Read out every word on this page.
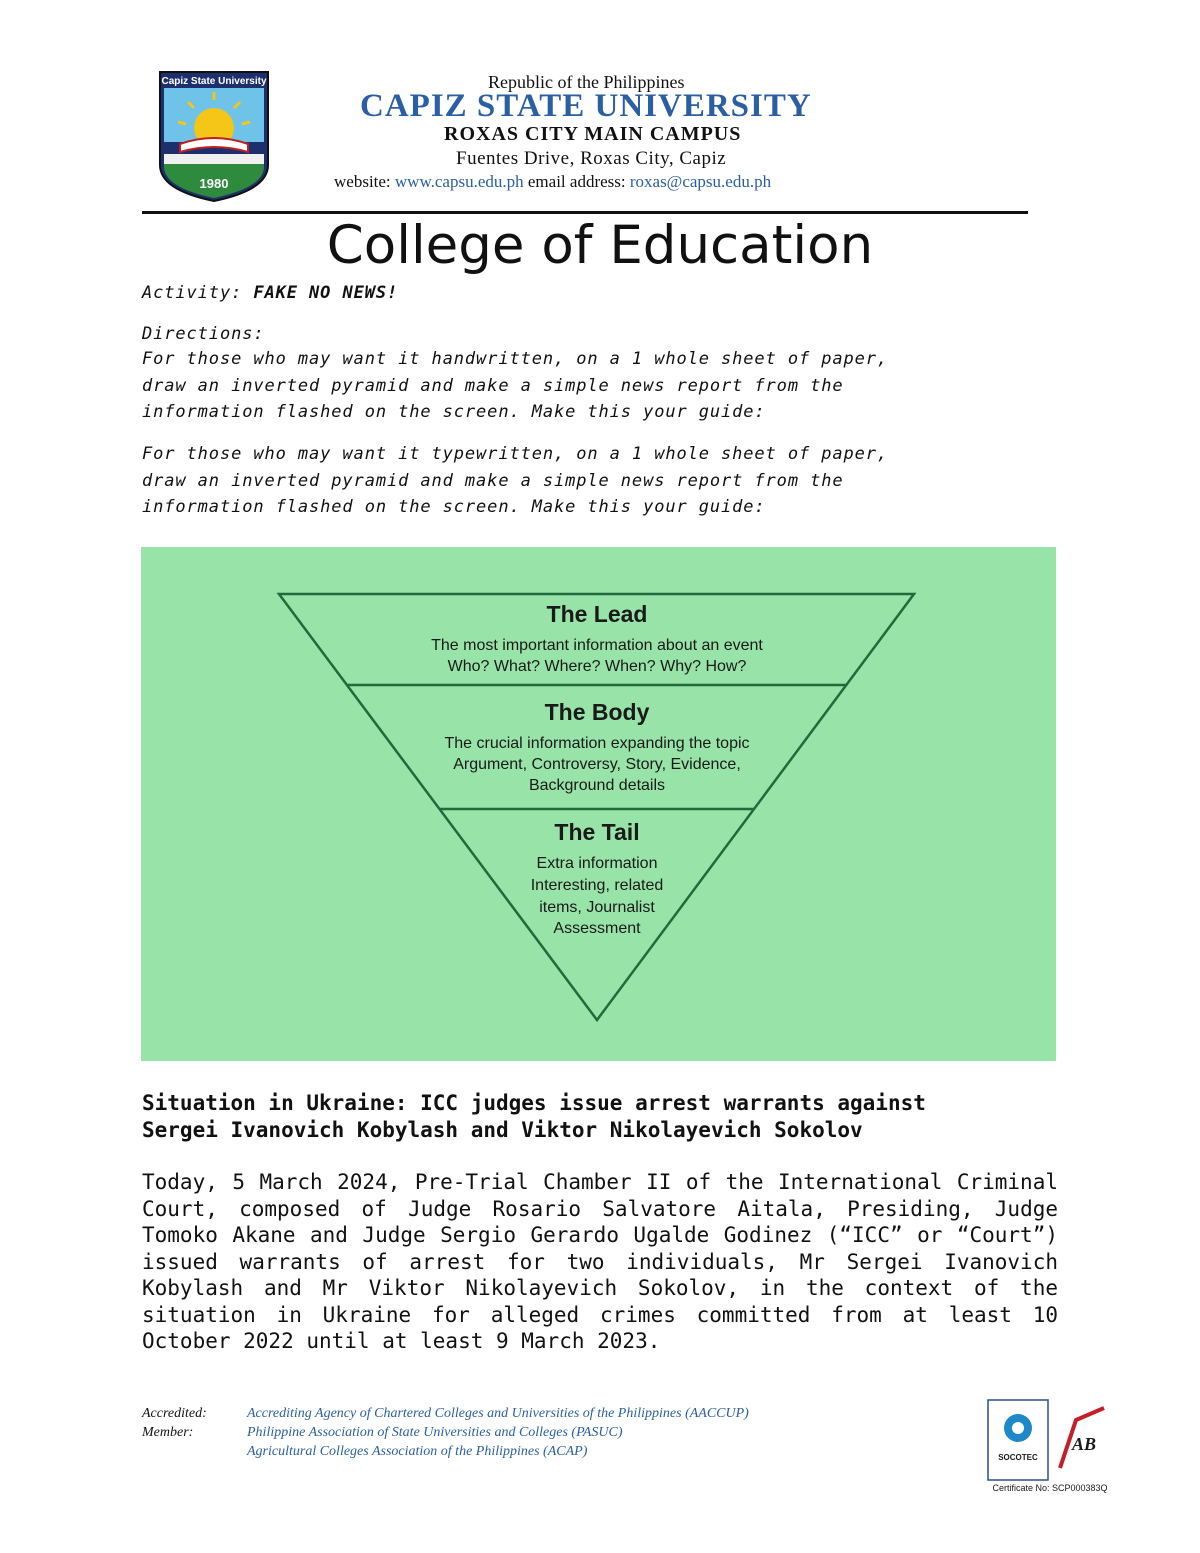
Capiz State University
1980
Republic of the Philippines
CAPIZ STATE UNIVERSITY
ROXAS CITY MAIN CAMPUS
Fuentes Drive, Roxas City, Capiz
website: www.capsu.edu.ph email address: roxas@capsu.edu.ph
College of Education
Activity: FAKE NO NEWS!
Directions:
For those who may want it handwritten, on a 1 whole sheet of paper,
draw an inverted pyramid and make a simple news report from the
information flashed on the screen. Make this your guide:
For those who may want it typewritten, on a 1 whole sheet of paper,
draw an inverted pyramid and make a simple news report from the
information flashed on the screen. Make this your guide:
The Lead
The most important information about an event
Who? What? Where? When? Why? How?
The Body
The crucial information expanding the topic
Argument, Controversy, Story, Evidence,
Background details
The Tail
Extra information
Interesting, related
items, Journalist
Assessment
Situation in Ukraine: ICC judges issue arrest warrants against
Sergei Ivanovich Kobylash and Viktor Nikolayevich Sokolov
Today, 5 March 2024, Pre-Trial Chamber II of the International Criminal Court, composed of Judge Rosario Salvatore Aitala, Presiding, Judge Tomoko Akane and Judge Sergio Gerardo Ugalde Godinez (“ICC” or “Court”) issued warrants of arrest for two individuals, Mr Sergei Ivanovich Kobylash and Mr Viktor Nikolayevich Sokolov, in the context of the situation in Ukraine for alleged crimes committed from at least 10 October 2022 until at least 9 March 2023.
Accredited:
Member:
Accrediting Agency of Chartered Colleges and Universities of the Philippines (AACCUP)
Philippine Association of State Universities and Colleges (PASUC)
Agricultural Colleges Association of the Philippines (ACAP)	SOCOTEC
AB
Certificate No: SCP000383Q
